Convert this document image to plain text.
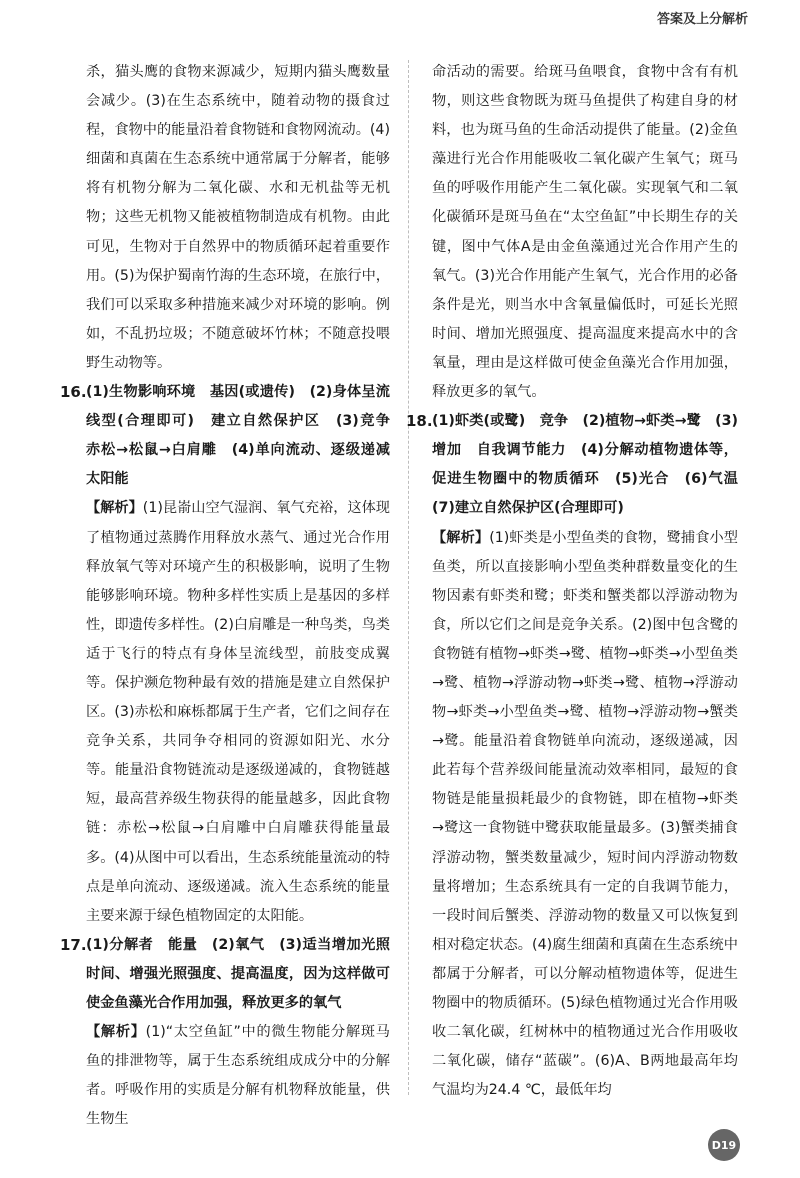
答案及上分解析

杀，猫头鹰的食物来源减少，短期内猫头鹰数量会减少。(3)在生态系统中，随着动物的摄食过程，食物中的能量沿着食物链和食物网流动。(4)细菌和真菌在生态系统中通常属于分解者，能够将有机物分解为二氧化碳、水和无机盐等无机物；这些无机物又能被植物制造成有机物。由此可见，生物对于自然界中的物质循环起着重要作用。(5)为保护蜀南竹海的生态环境，在旅行中，我们可以采取多种措施来减少对环境的影响。例如，不乱扔垃圾；不随意破坏竹林；不随意投喂野生动物等。

16. (1)生物影响环境　基因(或遗传)　(2)身体呈流线型(合理即可)　建立自然保护区　(3)竞争　赤松→松鼠→白肩雕　(4)单向流动、逐级递减　太阳能

【解析】(1)昆嵛山空气湿润、氧气充裕，这体现了植物通过蒸腾作用释放水蒸气、通过光合作用释放氧气等对环境产生的积极影响，说明了生物能够影响环境。物种多样性实质上是基因的多样性，即遗传多样性。(2)白肩雕是一种鸟类，鸟类适于飞行的特点有身体呈流线型，前肢变成翼等。保护濒危物种最有效的措施是建立自然保护区。(3)赤松和麻栎都属于生产者，它们之间存在竞争关系，共同争夺相同的资源如阳光、水分等。能量沿食物链流动是逐级递减的，食物链越短，最高营养级生物获得的能量越多，因此食物链：赤松→松鼠→白肩雕中白肩雕获得能量最多。(4)从图中可以看出，生态系统能量流动的特点是单向流动、逐级递减。流入生态系统的能量主要来源于绿色植物固定的太阳能。

17. (1)分解者　能量　(2)氧气　(3)适当增加光照时间、增强光照强度、提高温度，因为这样做可使金鱼藻光合作用加强，释放更多的氧气

【解析】(1)“太空鱼缸”中的微生物能分解斑马鱼的排泄物等，属于生态系统组成成分中的分解者。呼吸作用的实质是分解有机物释放能量，供生物生

命活动的需要。给斑马鱼喂食，食物中含有有机物，则这些食物既为斑马鱼提供了构建自身的材料，也为斑马鱼的生命活动提供了能量。(2)金鱼藻进行光合作用能吸收二氧化碳产生氧气；斑马鱼的呼吸作用能产生二氧化碳。实现氧气和二氧化碳循环是斑马鱼在“太空鱼缸”中长期生存的关键，图中气体A是由金鱼藻通过光合作用产生的氧气。(3)光合作用能产生氧气，光合作用的必备条件是光，则当水中含氧量偏低时，可延长光照时间、增加光照强度、提高温度来提高水中的含氧量，理由是这样做可使金鱼藻光合作用加强，释放更多的氧气。

18. (1)虾类(或鹭)　竞争　(2)植物→虾类→鹭　(3)增加　自我调节能力　(4)分解动植物遗体等，促进生物圈中的物质循环　(5)光合　(6)气温　(7)建立自然保护区(合理即可)

【解析】(1)虾类是小型鱼类的食物，鹭捕食小型鱼类，所以直接影响小型鱼类种群数量变化的生物因素有虾类和鹭；虾类和蟹类都以浮游动物为食，所以它们之间是竞争关系。(2)图中包含鹭的食物链有植物→虾类→鹭、植物→虾类→小型鱼类→鹭、植物→浮游动物→虾类→鹭、植物→浮游动物→虾类→小型鱼类→鹭、植物→浮游动物→蟹类→鹭。能量沿着食物链单向流动，逐级递减，因此若每个营养级间能量流动效率相同，最短的食物链是能量损耗最少的食物链，即在植物→虾类→鹭这一食物链中鹭获取能量最多。(3)蟹类捕食浮游动物，蟹类数量减少，短时间内浮游动物数量将增加；生态系统具有一定的自我调节能力，一段时间后蟹类、浮游动物的数量又可以恢复到相对稳定状态。(4)腐生细菌和真菌在生态系统中都属于分解者，可以分解动植物遗体等，促进生物圈中的物质循环。(5)绿色植物通过光合作用吸收二氧化碳，红树林中的植物通过光合作用吸收二氧化碳，储存“蓝碳”。(6)A、B两地最高年均气温均为24.4 ℃，最低年均

D19
